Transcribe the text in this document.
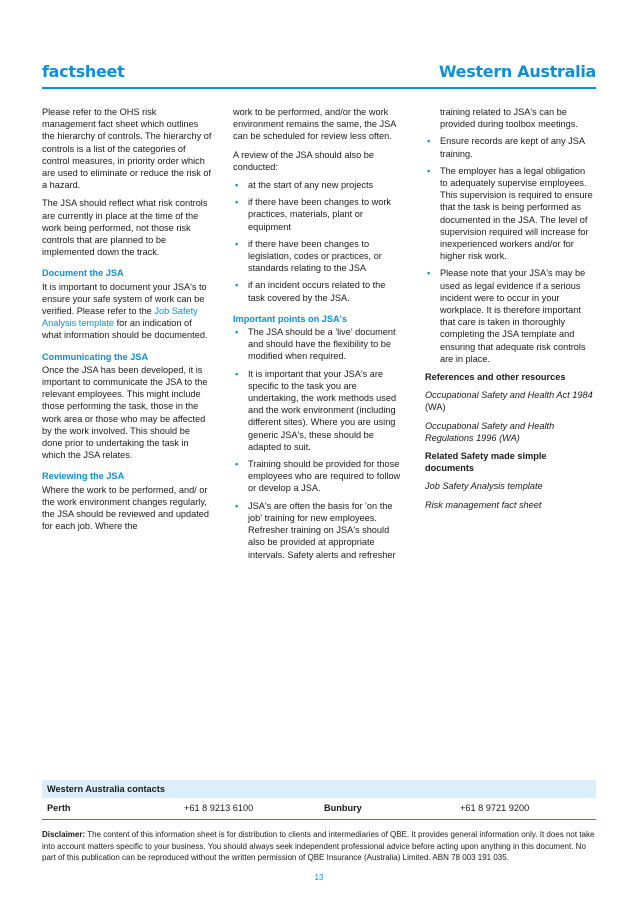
factsheet	Western Australia

Please refer to the OHS risk management fact sheet which outlines the hierarchy of controls. The hierarchy of controls is a list of the categories of control measures, in priority order which are used to eliminate or reduce the risk of a hazard.

The JSA should reflect what risk controls are currently in place at the time of the work being performed, not those risk controls that are planned to be implemented down the track.

Document the JSA

It is important to document your JSA's to ensure your safe system of work can be verified. Please refer to the Job Safety Analysis template for an indication of what information should be documented.

Communicating the JSA

Once the JSA has been developed, it is important to communicate the JSA to the relevant employees. This might include those performing the task, those in the work area or those who may be affected by the work involved. This should be done prior to undertaking the task in which the JSA relates.

Reviewing the JSA

Where the work to be performed, and/ or the work environment changes regularly, the JSA should be reviewed and updated for each job. Where the

work to be performed, and/or the work environment remains the same, the JSA can be scheduled for review less often.

A review of the JSA should also be conducted:

• at the start of any new projects
• if there have been changes to work practices, materials, plant or equipment
• if there have been changes to legislation, codes or practices, or standards relating to the JSA
• if an incident occurs related to the task covered by the JSA.
Important points on JSA's
• The JSA should be a 'live' document and should have the flexibility to be modified when required.
• It is important that your JSA's are specific to the task you are undertaking, the work methods used and the work environment (including different sites). Where you are using generic JSA's, these should be adapted to suit.
• Training should be provided for those employees who are required to follow or develop a JSA.
• JSA's are often the basis for 'on the job' training for new employees. Refresher training on JSA's should also be provided at appropriate intervals. Safety alerts and refresher
training related to JSA's can be provided during toolbox meetings.
• Ensure records are kept of any JSA training.
• The employer has a legal obligation to adequately supervise employees. This supervision is required to ensure that the task is being performed as documented in the JSA. The level of supervision required will increase for inexperienced workers and/or for higher risk work.
• Please note that your JSA's may be used as legal evidence if a serious incident were to occur in your workplace. It is therefore important that care is taken in thoroughly completing the JSA template and ensuring that adequate risk controls are in place.

References and other resources

Occupational Safety and Health Act 1984 (WA)

Occupational Safety and Health Regulations 1996 (WA)

Related Safety made simple documents

Job Safety Analysis template

Risk management fact sheet

Western Australia contacts
Perth	+61 8 9213 6100	Bunbury	+61 8 9721 9200
Disclaimer: The content of this information sheet is for distribution to clients and intermediaries of QBE. It provides general information only. It does not take into account matters specific to your business. You should always seek independent professional advice before acting upon anything in this document. No part of this publication can be reproduced without the written permission of QBE Insurance (Australia) Limited. ABN 78 003 191 035.
13
